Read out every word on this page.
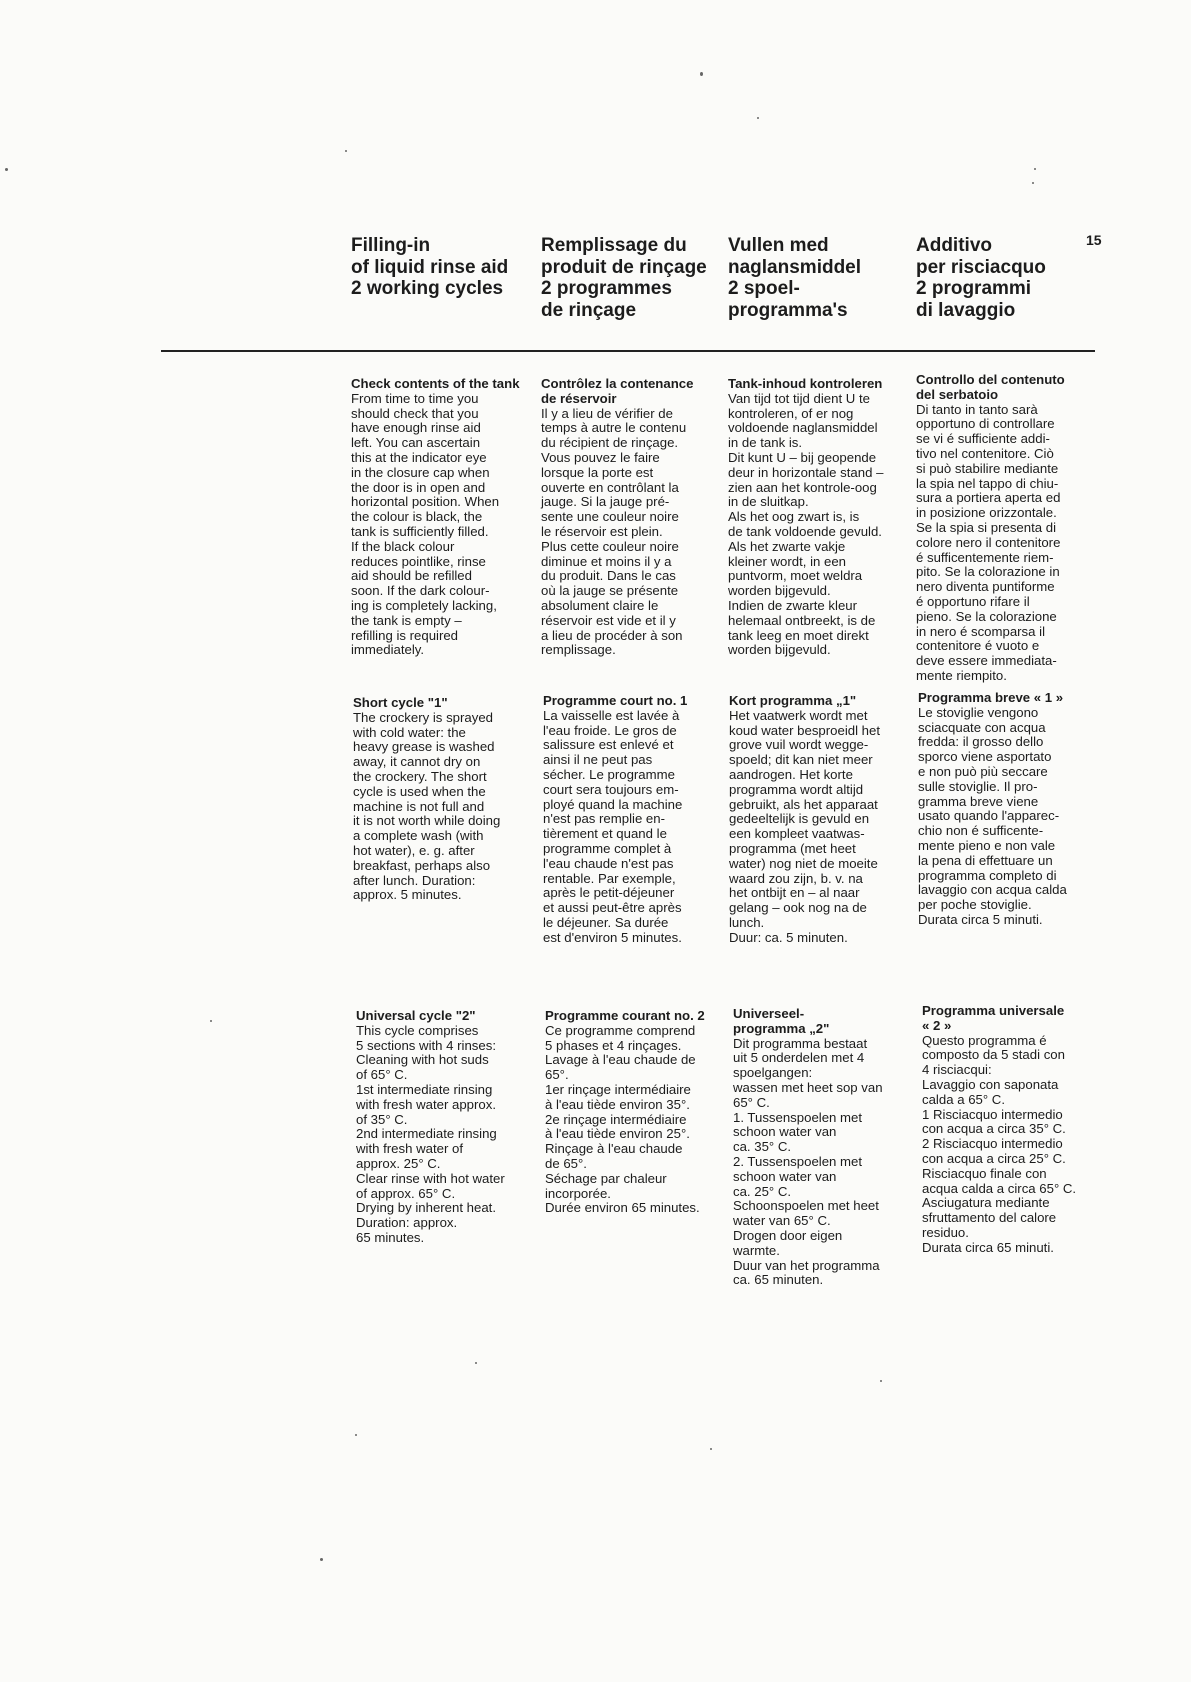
15
Filling-in
of liquid rinse aid
2 working cycles
Remplissage du
produit de rinçage
2 programmes
de rinçage
Vullen med
naglansmiddel
2 spoel-
programma's
Additivo
per risciacquo
2 programmi
di lavaggio
Check contents of the tank
From time to time you
should check that you
have enough rinse aid
left. You can ascertain
this at the indicator eye
in the closure cap when
the door is in open and
horizontal position. When
the colour is black, the
tank is sufficiently filled.
If the black colour
reduces pointlike, rinse
aid should be refilled
soon. If the dark colour-
ing is completely lacking,
the tank is empty –
refilling is required
immediately.
Contrôlez la contenance
de réservoir
Il y a lieu de vérifier de
temps à autre le contenu
du récipient de rinçage.
Vous pouvez le faire
lorsque la porte est
ouverte en contrôlant la
jauge. Si la jauge pré-
sente une couleur noire
le réservoir est plein.
Plus cette couleur noire
diminue et moins il y a
du produit. Dans le cas
où la jauge se présente
absolument claire le
réservoir est vide et il y
a lieu de procéder à son
remplissage.
Tank-inhoud kontroleren
Van tijd tot tijd dient U te
kontroleren, of er nog
voldoende naglansmiddel
in de tank is.
Dit kunt U – bij geopende
deur in horizontale stand –
zien aan het kontrole-oog
in de sluitkap.
Als het oog zwart is, is
de tank voldoende gevuld.
Als het zwarte vakje
kleiner wordt, in een
puntvorm, moet weldra
worden bijgevuld.
Indien de zwarte kleur
helemaal ontbreekt, is de
tank leeg en moet direkt
worden bijgevuld.
Controllo del contenuto
del serbatoio
Di tanto in tanto sarà
opportuno di controllare
se vi é sufficiente addi-
tivo nel contenitore. Ciò
si può stabilire mediante
la spia nel tappo di chiu-
sura a portiera aperta ed
in posizione orizzontale.
Se la spia si presenta di
colore nero il contenitore
é sufficentemente riem-
pito. Se la colorazione in
nero diventa puntiforme
é opportuno rifare il
pieno. Se la colorazione
in nero é scomparsa il
contenitore é vuoto e
deve essere immediata-
mente riempito.
Short cycle "1"
The crockery is sprayed
with cold water: the
heavy grease is washed
away, it cannot dry on
the crockery. The short
cycle is used when the
machine is not full and
it is not worth while doing
a complete wash (with
hot water), e. g. after
breakfast, perhaps also
after lunch. Duration:
approx. 5 minutes.
Programme court no. 1
La vaisselle est lavée à
l'eau froide. Le gros de
salissure est enlevé et
ainsi il ne peut pas
sécher. Le programme
court sera toujours em-
ployé quand la machine
n'est pas remplie en-
tièrement et quand le
programme complet à
l'eau chaude n'est pas
rentable. Par exemple,
après le petit-déjeuner
et aussi peut-être après
le déjeuner. Sa durée
est d'environ 5 minutes.
Kort programma „1"
Het vaatwerk wordt met
koud water besproeidl het
grove vuil wordt wegge-
spoeld; dit kan niet meer
aandrogen. Het korte
programma wordt altijd
gebruikt, als het apparaat
gedeeltelijk is gevuld en
een kompleet vaatwas-
programma (met heet
water) nog niet de moeite
waard zou zijn, b. v. na
het ontbijt en – al naar
gelang – ook nog na de
lunch.
Duur: ca. 5 minuten.
Programma breve « 1 »
Le stoviglie vengono
sciacquate con acqua
fredda: il grosso dello
sporco viene asportato
e non può più seccare
sulle stoviglie. Il pro-
gramma breve viene
usato quando l'apparec-
chio non é sufficente-
mente pieno e non vale
la pena di effettuare un
programma completo di
lavaggio con acqua calda
per poche stoviglie.
Durata circa 5 minuti.
Universal cycle "2"
This cycle comprises
5 sections with 4 rinses:
Cleaning with hot suds
of 65° C.
1st intermediate rinsing
with fresh water approx.
of 35° C.
2nd intermediate rinsing
with fresh water of
approx. 25° C.
Clear rinse with hot water
of approx. 65° C.
Drying by inherent heat.
Duration: approx.
65 minutes.
Programme courant no. 2
Ce programme comprend
5 phases et 4 rinçages.
Lavage à l'eau chaude de
65°.
1er rinçage intermédiaire
à l'eau tiède environ 35°.
2e rinçage intermédiaire
à l'eau tiède environ 25°.
Rinçage à l'eau chaude
de 65°.
Séchage par chaleur
incorporée.
Durée environ 65 minutes.
Universeel-
programma „2"
Dit programma bestaat
uit 5 onderdelen met 4
spoelgangen:
wassen met heet sop van
65° C.
1. Tussenspoelen met
schoon water van
ca. 35° C.
2. Tussenspoelen met
schoon water van
ca. 25° C.
Schoonspoelen met heet
water van 65° C.
Drogen door eigen
warmte.
Duur van het programma
ca. 65 minuten.
Programma universale
« 2 »
Questo programma é
composto da 5 stadi con
4 risciacqui:
Lavaggio con saponata
calda a 65° C.
1 Risciacquo intermedio
con acqua a circa 35° C.
2 Risciacquo intermedio
con acqua a circa 25° C.
Risciacquo finale con
acqua calda a circa 65° C.
Asciugatura mediante
sfruttamento del calore
residuo.
Durata circa 65 minuti.
